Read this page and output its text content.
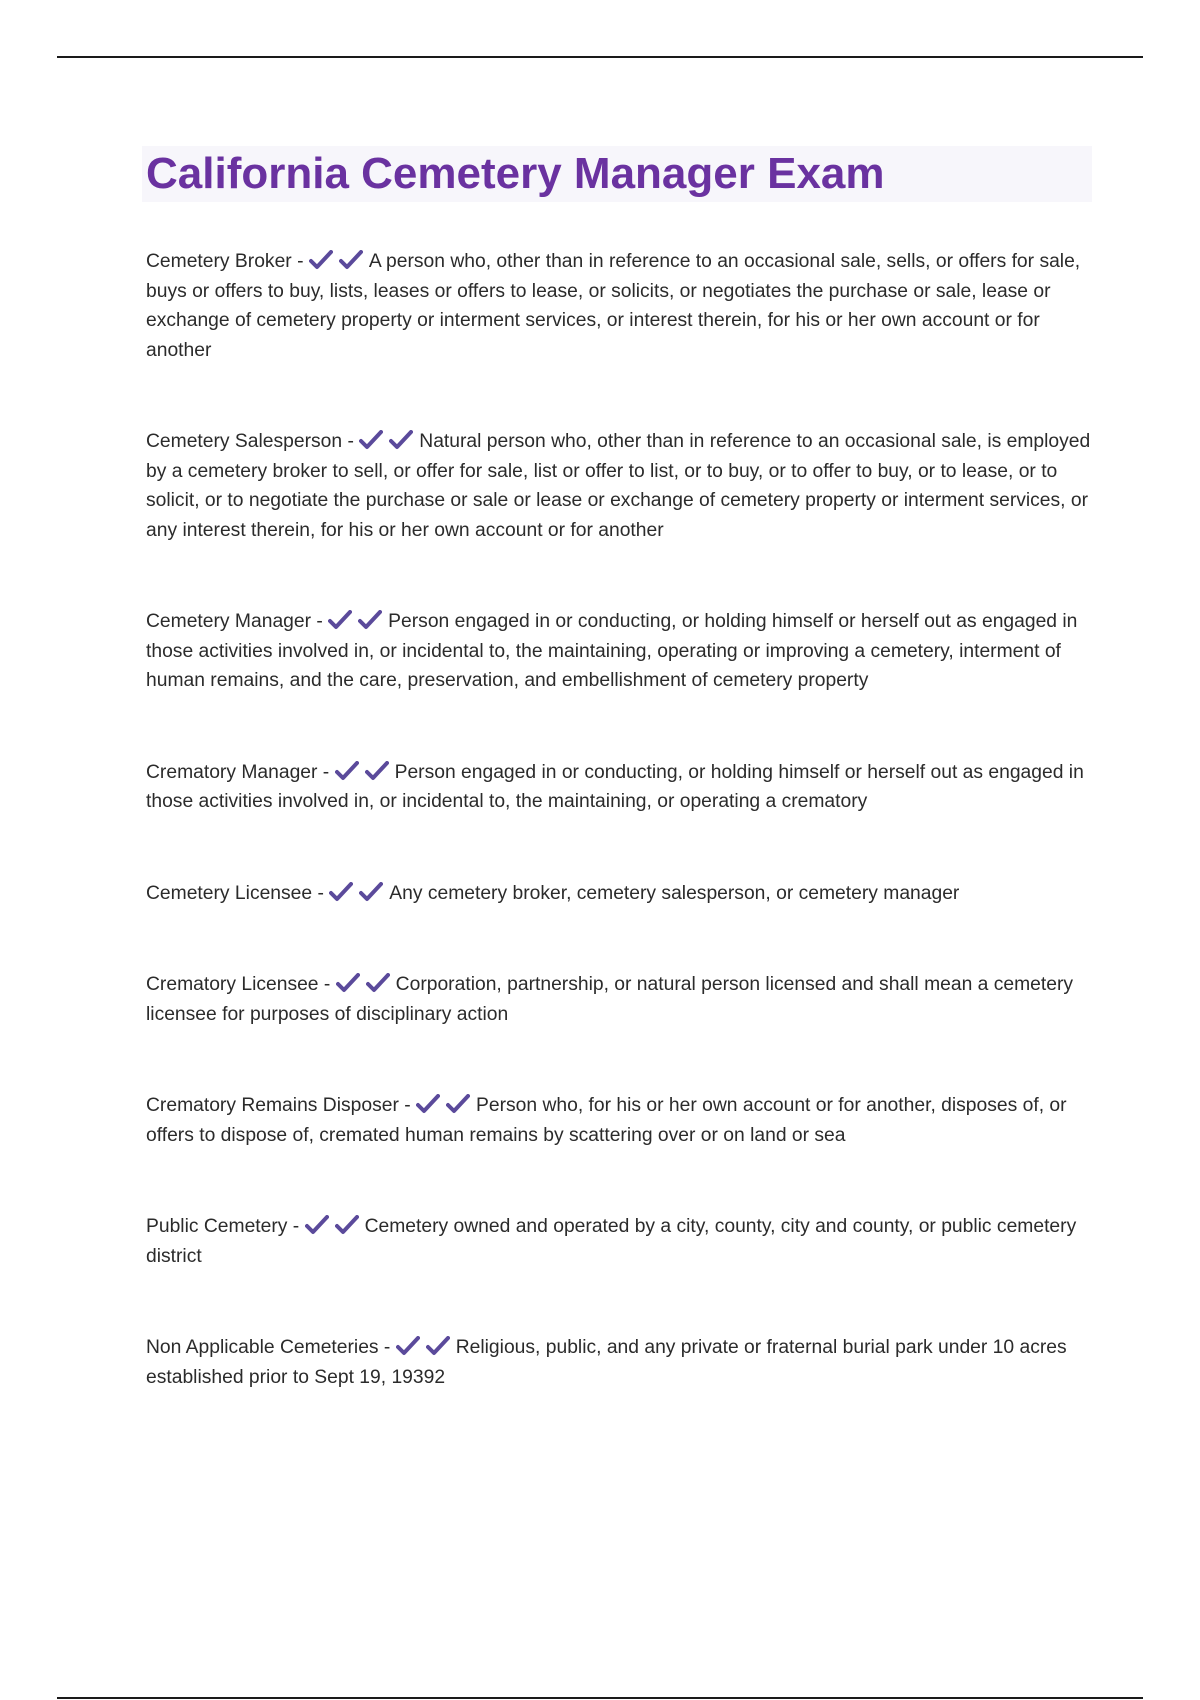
California Cemetery Manager Exam

Cemetery Broker -	A person who, other than in reference to an occasional sale, sells, or offers for sale, buys or offers to buy, lists, leases or offers to lease, or solicits, or negotiates the purchase or sale, lease or exchange of cemetery property or interment services, or interest therein, for his or her own account or for another

Cemetery Salesperson -	Natural person who, other than in reference to an occasional sale, is employed by a cemetery broker to sell, or offer for sale, list or offer to list, or to buy, or to offer to buy, or to lease, or to solicit, or to negotiate the purchase or sale or lease or exchange of cemetery property or interment services, or any interest therein, for his or her own account or for another

Cemetery Manager -	Person engaged in or conducting, or holding himself or herself out as engaged in those activities involved in, or incidental to, the maintaining, operating or improving a cemetery, interment of human remains, and the care, preservation, and embellishment of cemetery property

Crematory Manager -	Person engaged in or conducting, or holding himself or herself out as engaged in those activities involved in, or incidental to, the maintaining, or operating a crematory

Cemetery Licensee -	Any cemetery broker, cemetery salesperson, or cemetery manager

Crematory Licensee -	Corporation, partnership, or natural person licensed and shall mean a cemetery licensee for purposes of disciplinary action

Crematory Remains Disposer -	Person who, for his or her own account or for another, disposes of, or offers to dispose of, cremated human remains by scattering over or on land or sea

Public Cemetery -	Cemetery owned and operated by a city, county, city and county, or public cemetery district

Non Applicable Cemeteries -	Religious, public, and any private or fraternal burial park under 10 acres established prior to Sept 19, 19392
